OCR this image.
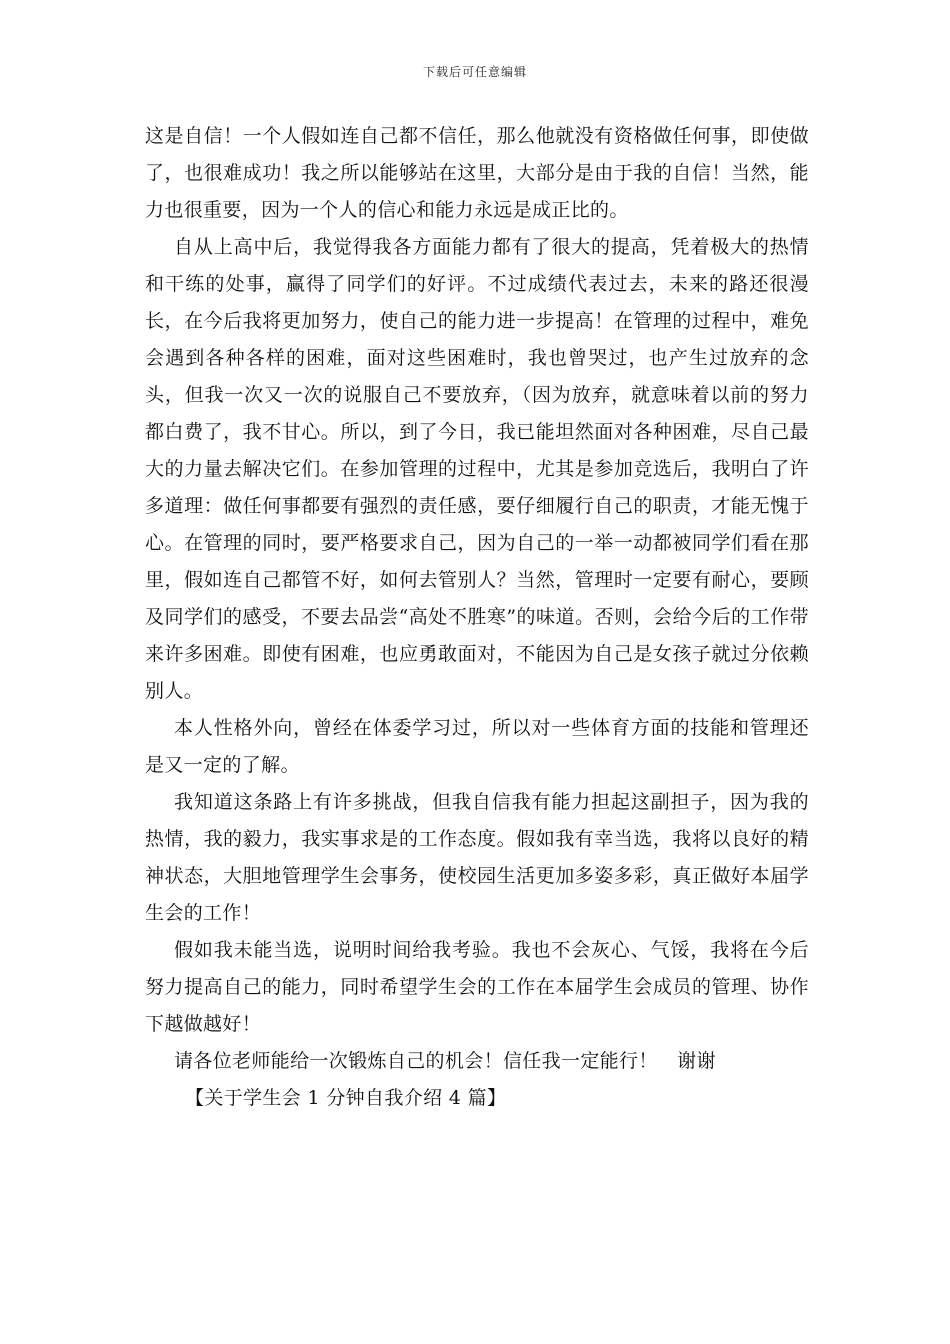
下载后可任意编辑

这是自信！一个人假如连自己都不信任，那么他就没有资格做任何事，即使做了，也很难成功！我之所以能够站在这里，大部分是由于我的自信！当然，能力也很重要，因为一个人的信心和能力永远是成正比的。

自从上高中后，我觉得我各方面能力都有了很大的提高，凭着极大的热情和干练的处事，赢得了同学们的好评。不过成绩代表过去，未来的路还很漫长，在今后我将更加努力，使自己的能力进一步提高！在管理的过程中，难免会遇到各种各样的困难，面对这些困难时，我也曾哭过，也产生过放弃的念头，但我一次又一次的说服自己不要放弃，（因为放弃，就意味着以前的努力都白费了，我不甘心。所以，到了今日，我已能坦然面对各种困难，尽自己最大的力量去解决它们。在参加管理的过程中，尤其是参加竞选后，我明白了许多道理：做任何事都要有强烈的责任感，要仔细履行自己的职责，才能无愧于心。在管理的同时，要严格要求自己，因为自己的一举一动都被同学们看在那里，假如连自己都管不好，如何去管别人？当然，管理时一定要有耐心，要顾及同学们的感受，不要去品尝“高处不胜寒”的味道。否则，会给今后的工作带来许多困难。即使有困难，也应勇敢面对，不能因为自己是女孩子就过分依赖别人。

本人性格外向，曾经在体委学习过，所以对一些体育方面的技能和管理还是又一定的了解。

我知道这条路上有许多挑战，但我自信我有能力担起这副担子，因为我的热情，我的毅力，我实事求是的工作态度。假如我有幸当选，我将以良好的精神状态，大胆地管理学生会事务，使校园生活更加多姿多彩，真正做好本届学生会的工作！

假如我未能当选，说明时间给我考验。我也不会灰心、气馁，我将在今后努力提高自己的能力，同时希望学生会的工作在本届学生会成员的管理、协作下越做越好！

请各位老师能给一次锻炼自己的机会！信任我一定能行！　谢谢

【关于学生会 1 分钟自我介绍 4 篇】
